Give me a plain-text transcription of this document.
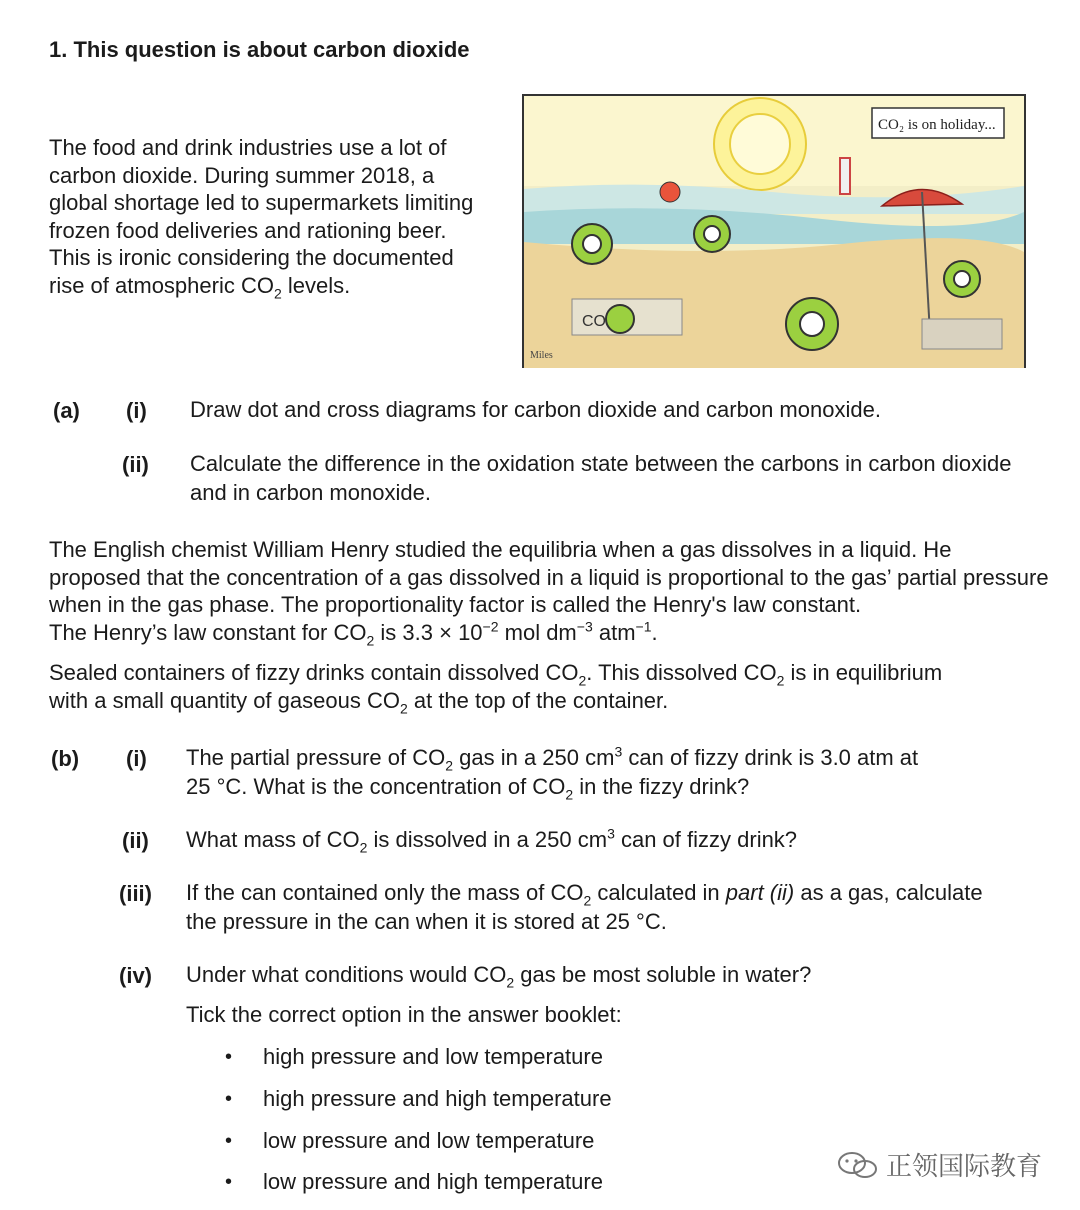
1. This question is about carbon dioxide
The food and drink industries use a lot of carbon dioxide. During summer 2018, a global shortage led to supermarkets limiting frozen food deliveries and rationing beer. This is ironic considering the documented rise of atmospheric $CO_2$ levels.
CO
CO₂ is on holiday...
Miles
(a) (i) Draw dot and cross diagrams for carbon dioxide and carbon monoxide.
(ii) Calculate the difference in the oxidation state between the carbons in carbon dioxide and in carbon monoxide.
The English chemist William Henry studied the equilibria when a gas dissolves in a liquid. He proposed that the concentration of a gas dissolved in a liquid is proportional to the gas’ partial pressure when in the gas phase. The proportionality factor is called the Henry's law constant.
The Henry’s law constant for $CO_2$ is $3.3 \times 10^{-2}$ mol $dm^{-3}$ atm$^{-1}$.
Sealed containers of fizzy drinks contain dissolved $CO_2$. This dissolved $CO_2$ is in equilibrium
with a small quantity of gaseous $CO_2$ at the top of the container.
(b) (i) The partial pressure of $CO_2$ gas in a 250 $cm^3$ can of fizzy drink is 3.0 atm at
25 °C. What is the concentration of $CO_2$ in the fizzy drink?
(ii) What mass of $CO_2$ is dissolved in a 250 $cm^3$ can of fizzy drink?
(iii) If the can contained only the mass of $CO_2$ calculated in part (ii) as a gas, calculate
the pressure in the can when it is stored at 25 °C.
(iv) Under what conditions would $CO_2$ gas be most soluble in water?
Tick the correct option in the answer booklet:
• high pressure and low temperature
• high pressure and high temperature
• low pressure and low temperature
• low pressure and high temperature
正领国际教育
